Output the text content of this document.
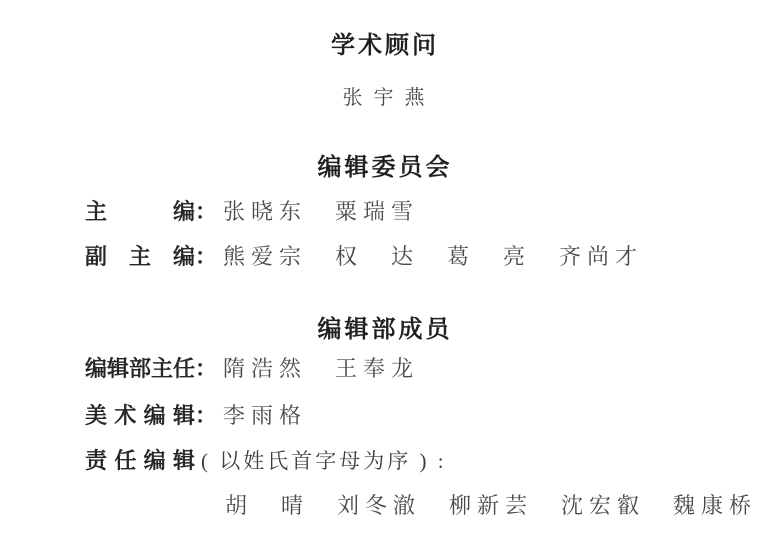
学术顾问
张宇燕
编辑委员会
主编 ： 张晓东　粟瑞雪
副主编 ： 熊爱宗　权　达　葛　亮　齐尚才
编辑部成员
编辑部主任 ： 隋浩然　王奉龙
美术编辑 ： 李雨格
责任编辑 ( 以姓氏首字母为序 ) :
胡　晴　刘冬澈　柳新芸　沈宏叡　魏康桥
